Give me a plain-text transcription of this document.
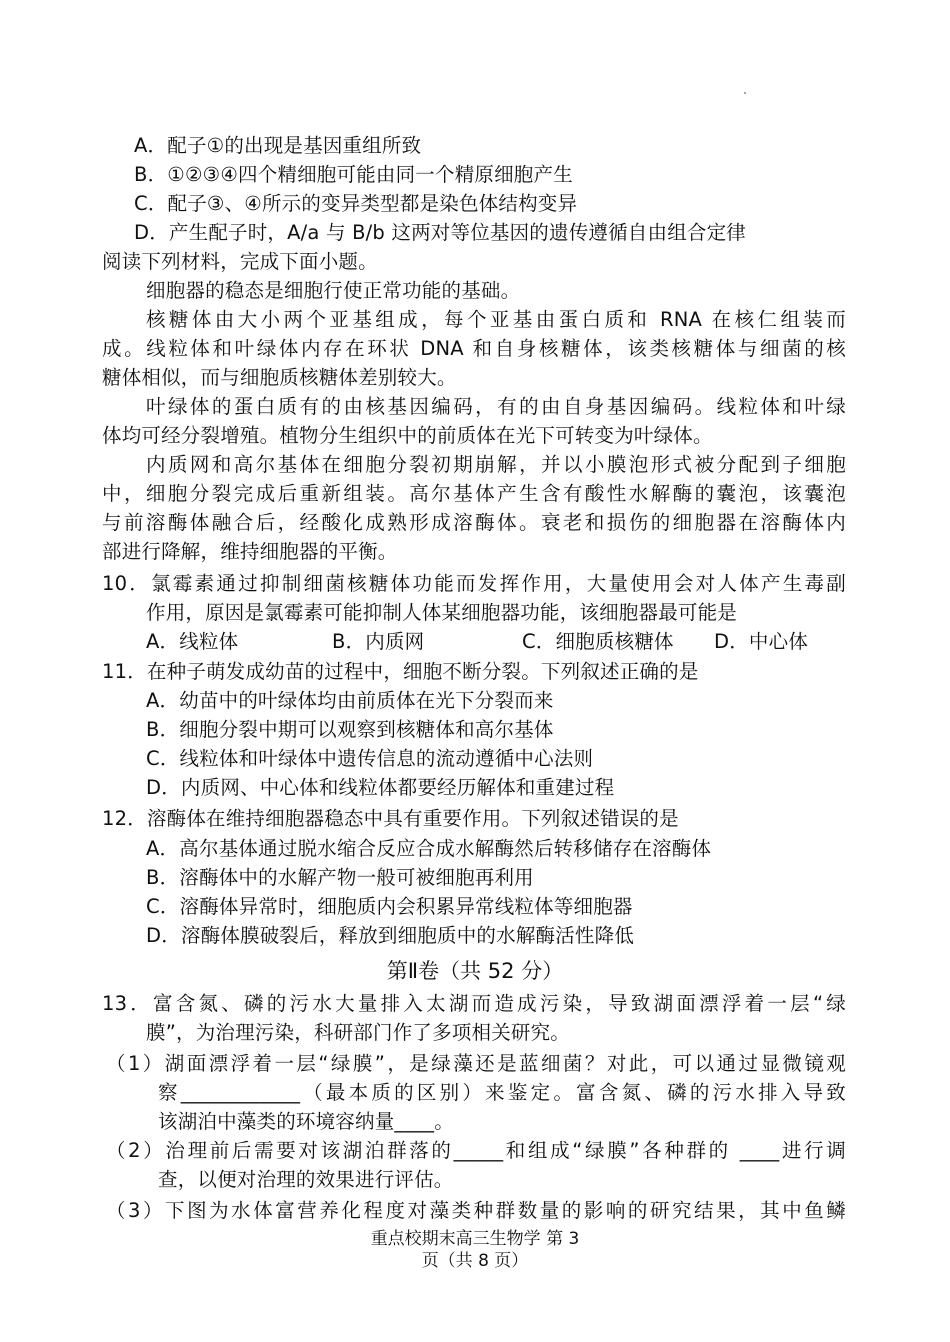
A．配子①的出现是基因重组所致
B．①②③④四个精细胞可能由同一个精原细胞产生
C．配子③、④所示的变异类型都是染色体结构变异
D．产生配子时，A/a 与 B/b 这两对等位基因的遗传遵循自由组合定律
阅读下列材料，完成下面小题。
细胞器的稳态是细胞行使正常功能的基础。
核糖体由大小两个亚基组成，每个亚基由蛋白质和 RNA 在核仁组装而
成。线粒体和叶绿体内存在环状 DNA 和自身核糖体，该类核糖体与细菌的核
糖体相似，而与细胞质核糖体差别较大。
叶绿体的蛋白质有的由核基因编码，有的由自身基因编码。线粒体和叶绿
体均可经分裂增殖。植物分生组织中的前质体在光下可转变为叶绿体。
内质网和高尔基体在细胞分裂初期崩解，并以小膜泡形式被分配到子细胞
中，细胞分裂完成后重新组装。高尔基体产生含有酸性水解酶的囊泡，该囊泡
与前溶酶体融合后，经酸化成熟形成溶酶体。衰老和损伤的细胞器在溶酶体内
部进行降解，维持细胞器的平衡。
10．氯霉素通过抑制细菌核糖体功能而发挥作用，大量使用会对人体产生毒副
作用，原因是氯霉素可能抑制人体某细胞器功能，该细胞器最可能是
A．线粒体	B．内质网	C．细胞质核糖体 D．中心体
11．在种子萌发成幼苗的过程中，细胞不断分裂。下列叙述正确的是
A．幼苗中的叶绿体均由前质体在光下分裂而来
B．细胞分裂中期可以观察到核糖体和高尔基体
C．线粒体和叶绿体中遗传信息的流动遵循中心法则
D．内质网、中心体和线粒体都要经历解体和重建过程
12．溶酶体在维持细胞器稳态中具有重要作用。下列叙述错误的是
A．高尔基体通过脱水缩合反应合成水解酶然后转移储存在溶酶体
B．溶酶体中的水解产物一般可被细胞再利用
C．溶酶体异常时，细胞质内会积累异常线粒体等细胞器
D．溶酶体膜破裂后，释放到细胞质中的水解酶活性降低
第Ⅱ卷（共 52 分）
13．富含氮、磷的污水大量排入太湖而造成污染，导致湖面漂浮着一层“绿
膜”，为治理污染，科研部门作了多项相关研究。
（1）湖面漂浮着一层“绿膜”，是绿藻还是蓝细菌？对此，可以通过显微镜观
察____________（最本质的区别）来鉴定。富含氮、磷的污水排入导致
该湖泊中藻类的环境容纳量____。
（2）治理前后需要对该湖泊群落的_____和组成“绿膜”各种群的 ____进行调
查，以便对治理的效果进行评估。
（3）下图为水体富营养化程度对藻类种群数量的影响的研究结果，其中鱼鳞
重点校期末高三生物学 第 3
页（共 8 页）
